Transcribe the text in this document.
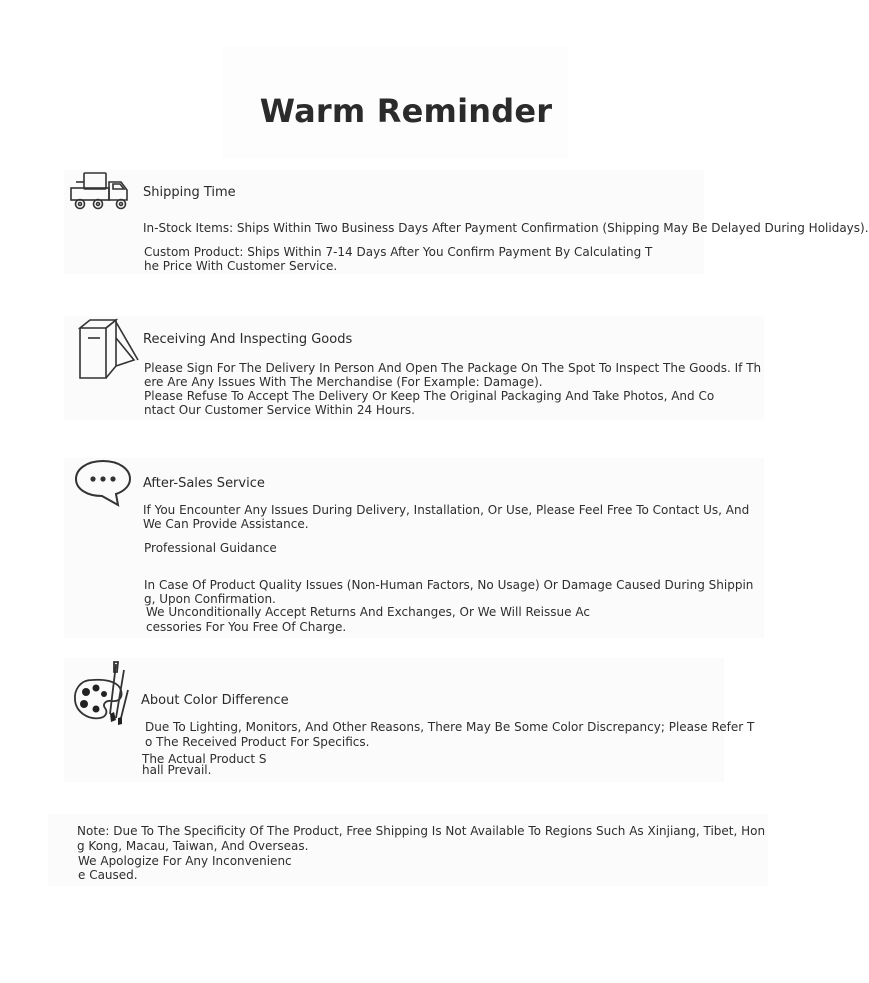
Warm Reminder
Shipping Time
In-Stock Items: Ships Within Two Business Days After Payment Confirmation (Shipping May Be Delayed During Holidays).
Custom Product: Ships Within 7-14 Days After You Confirm Payment By Calculating T
he Price With Customer Service.
Receiving And Inspecting Goods
Please Sign For The Delivery In Person And Open The Package On The Spot To Inspect The Goods. If Th
ere Are Any Issues With The Merchandise (For Example: Damage).
Please Refuse To Accept The Delivery Or Keep The Original Packaging And Take Photos, And Co
ntact Our Customer Service Within 24 Hours.
After-Sales Service
If You Encounter Any Issues During Delivery, Installation, Or Use, Please Feel Free To Contact Us, And
We Can Provide Assistance.
Professional Guidance
In Case Of Product Quality Issues (Non-Human Factors, No Usage) Or Damage Caused During Shippin
g, Upon Confirmation.
We Unconditionally Accept Returns And Exchanges, Or We Will Reissue Ac
cessories For You Free Of Charge.
About Color Difference
Due To Lighting, Monitors, And Other Reasons, There May Be Some Color Discrepancy; Please Refer T
o The Received Product For Specifics.
The Actual Product S
hall Prevail.
Note: Due To The Specificity Of The Product, Free Shipping Is Not Available To Regions Such As Xinjiang, Tibet, Hon
g Kong, Macau, Taiwan, And Overseas.
We Apologize For Any Inconvenienc
e Caused.
